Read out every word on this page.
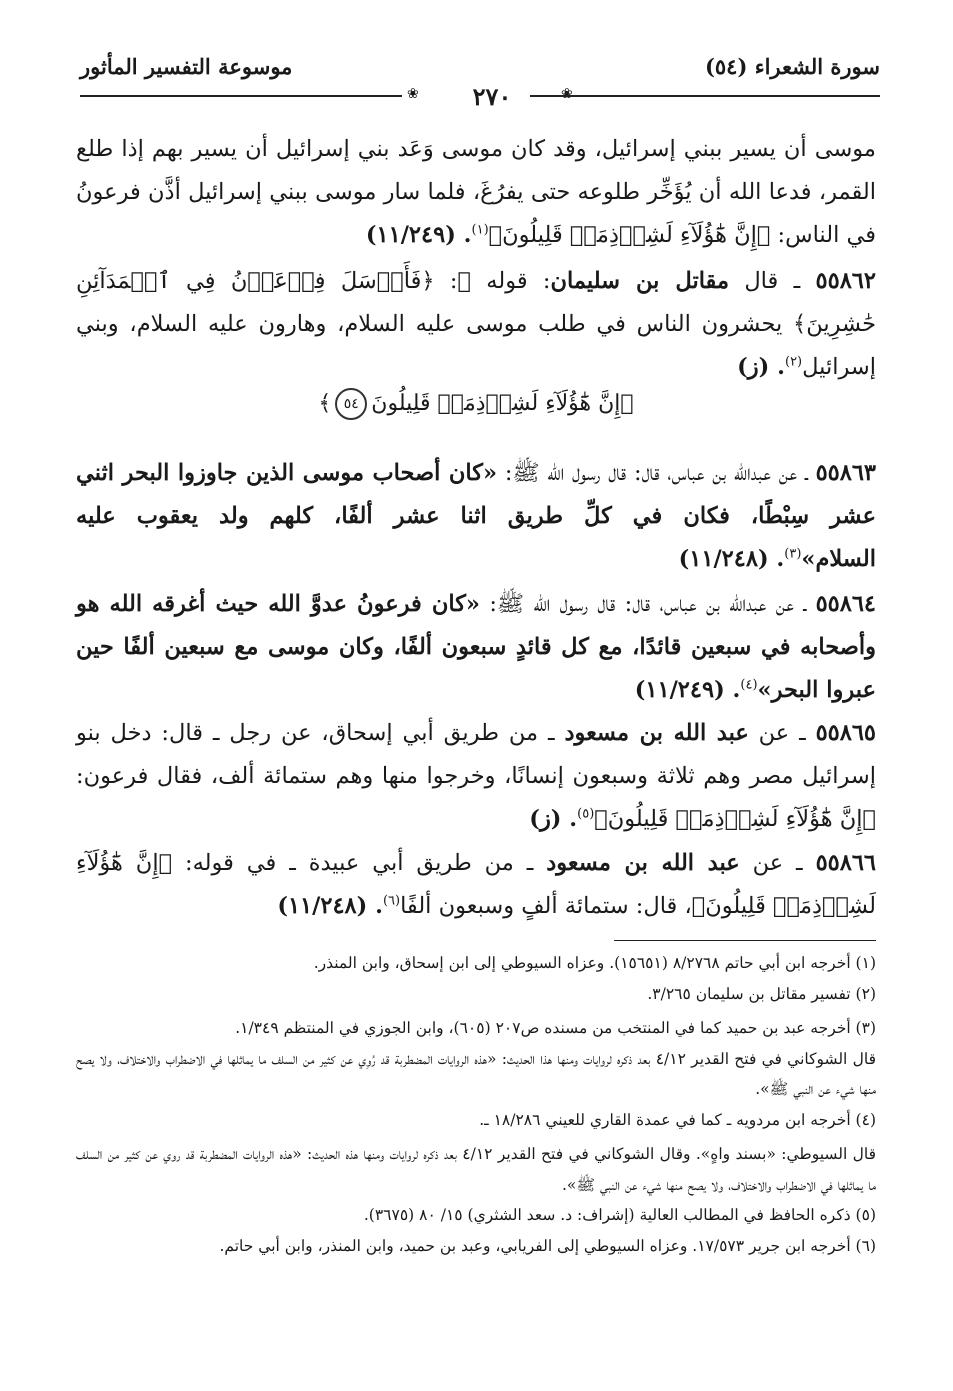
موسوعة التفسير المأثور	سورة الشعراء (٥٤)
❀	٢٧٠	❀
موسى أن يسير ببني إسرائيل، وقد كان موسى وَعَد بني إسرائيل أن يسير بهم إذا طلع القمر، فدعا الله أن يُؤَخِّر طلوعه حتى يفرُغَ، فلما سار موسى ببني إسرائيل أذَّن فرعونُ في الناس: ﴿إِنَّ هَٰٓؤُلَآءِ لَشِرۡذِمَةٞ قَلِيلُونَ﴾$^{(١)}$. (١١/٢٤٩)
٥٥٨٦٢ ـ قال مقاتل بن سليمان: قوله ﷻ: ﴿فَأَرۡسَلَ فِرۡعَوۡنُ فِي ٱلۡمَدَآئِنِ حَٰشِرِينَ﴾ يحشرون الناس في طلب موسى عليه السلام، وهارون عليه السلام، وبني إسرائيل$^{(٢)}$. (ز)
﴿إِنَّ هَٰٓؤُلَآءِ لَشِرۡذِمَةٞ قَلِيلُونَ٥٤﴾
٥٥٨٦٣ ـ عن عبدالله بن عباس، قال: قال رسول الله ﷺ: «كان أصحاب موسى الذين جاوزوا البحر اثني عشر سِبْطًا، فكان في كلِّ طريق اثنا عشر ألفًا، كلهم ولد يعقوب عليه السلام»$^{(٣)}$. (١١/٢٤٨)
٥٥٨٦٤ ـ عن عبدالله بن عباس، قال: قال رسول الله ﷺ: «كان فرعونُ عدوَّ الله حيث أغرقه الله هو وأصحابه في سبعين قائدًا، مع كل قائدٍ سبعون ألفًا، وكان موسى مع سبعين ألفًا حين عبروا البحر»$^{(٤)}$. (١١/٢٤٩)
٥٥٨٦٥ ـ عن عبد الله بن مسعود ـ من طريق أبي إسحاق، عن رجل ـ قال: دخل بنو إسرائيل مصر وهم ثلاثة وسبعون إنسانًا، وخرجوا منها وهم ستمائة ألف، فقال فرعون: ﴿إِنَّ هَٰٓؤُلَآءِ لَشِرۡذِمَةٞ قَلِيلُونَ﴾$^{(٥)}$. (ز)
٥٥٨٦٦ ـ عن عبد الله بن مسعود ـ من طريق أبي عبيدة ـ في قوله: ﴿إِنَّ هَٰٓؤُلَآءِ لَشِرۡذِمَةٞ قَلِيلُونَ﴾، قال: ستمائة ألفٍ وسبعون ألفًا$^{(٦)}$. (١١/٢٤٨)

(١) أخرجه ابن أبي حاتم ٨/٢٧٦٨ (١٥٦٥١). وعزاه السيوطي إلى ابن إسحاق، وابن المنذر.

(٢) تفسير مقاتل بن سليمان ٣/٢٦٥.

(٣) أخرجه عبد بن حميد كما في المنتخب من مسنده ص٢٠٧ (٦٠٥)، وابن الجوزي في المنتظم ١/٣٤٩.

قال الشوكاني في فتح القدير ٤/١٢ بعد ذكره لروايات ومنها هذا الحديث: «هذه الروايات المضطربة قد رُوِي عن كثير من السلف ما يماثلها في الاضطراب والاختلاف، ولا يصح منها شيء عن النبي ﷺ».

(٤) أخرجه ابن مردويه ـ كما في عمدة القاري للعيني ١٨/٢٨٦ ـ.

قال السيوطي: «بسند واهٍ». وقال الشوكاني في فتح القدير ٤/١٢ بعد ذكره لروايات ومنها هذه الحديث: «هذه الروايات المضطربة قد روي عن كثير من السلف ما يماثلها في الاضطراب والاختلاف، ولا يصح منها شيء عن النبي ﷺ».

(٥) ذكره الحافظ في المطالب العالية (إشراف: د. سعد الشثري) ١٥/ ٨٠ (٣٦٧٥).

(٦) أخرجه ابن جرير ١٧/٥٧٣. وعزاه السيوطي إلى الفريابي، وعبد بن حميد، وابن المنذر، وابن أبي حاتم.
